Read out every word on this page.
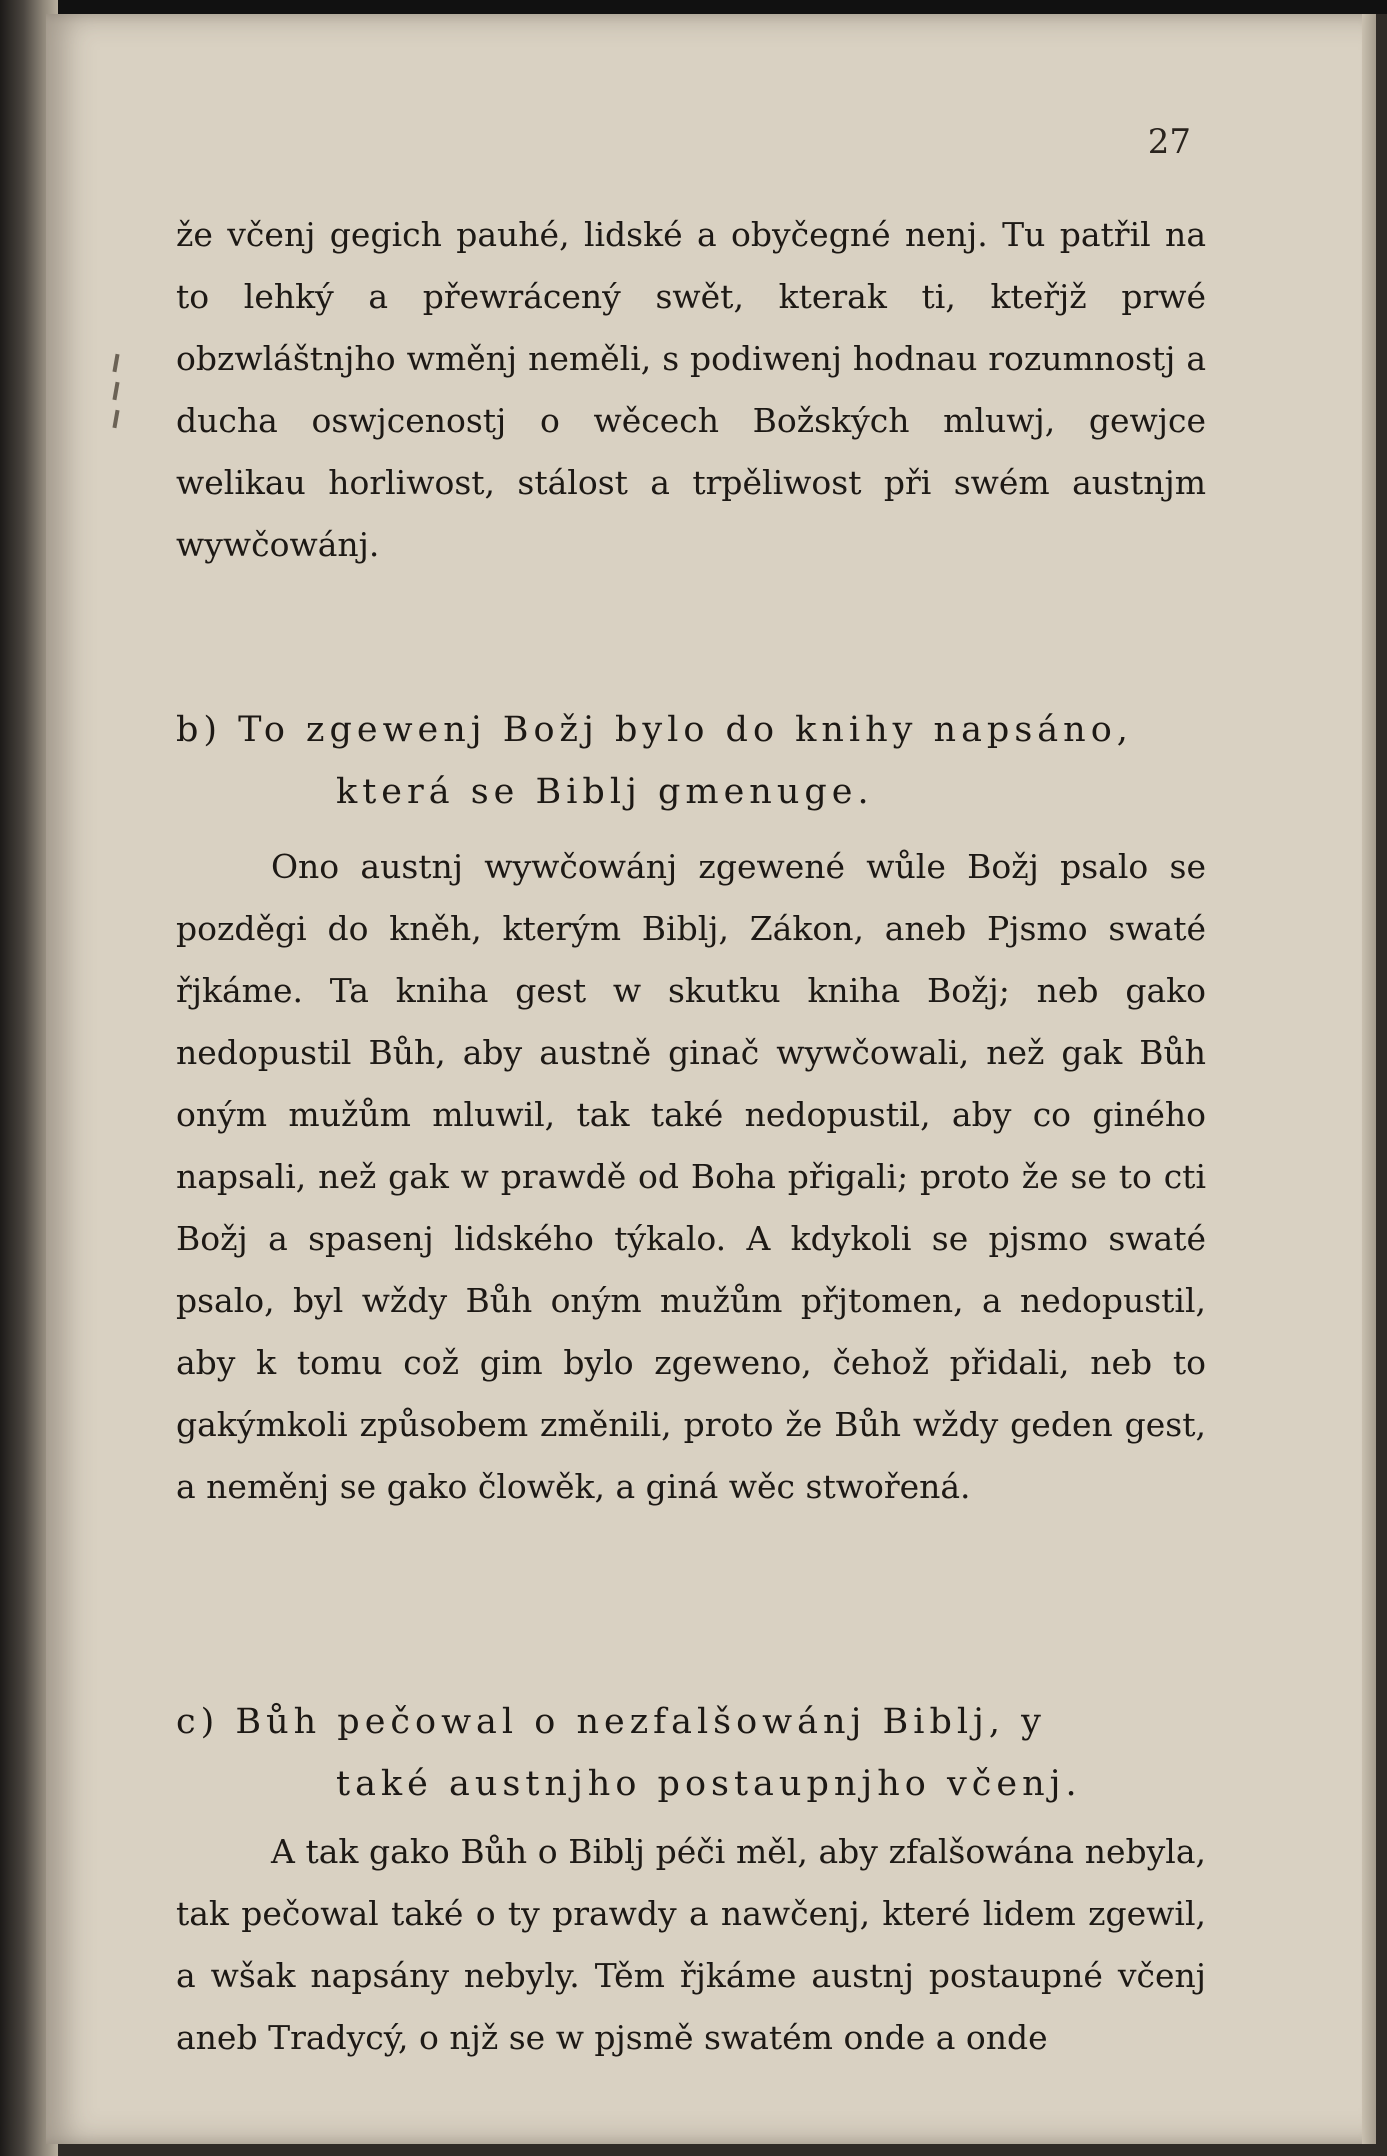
27

že včenj gegich pauhé, lidské a obyčegné nenj. Tu patřil na to lehký a přewrácený swět, kterak ti, kteřjž prwé obzwláštnjho wměnj neměli, s podiwenj hodnau rozumnostj a ducha oswjcenostj o wěcech Božských mluwj, gewjce welikau horliwost, stálost a trpěliwost při swém austnjm wywčowánj.

b) To zgewenj Božj bylo do knihy napsáno,
která se Biblj gmenuge.

Ono austnj wywčowánj zgewené wůle Božj psalo se pozděgi do kněh, kterým Biblj, Zákon, aneb Pjsmo swaté řjkáme. Ta kniha gest w skutku kniha Božj; neb gako nedopustil Bůh, aby austně ginač wywčowali, než gak Bůh oným mužům mluwil, tak také nedopustil, aby co giného napsali, než gak w prawdě od Boha přigali; proto že se to cti Božj a spasenj lidského týkalo. A kdykoli se pjsmo swaté psalo, byl wždy Bůh oným mužům přjtomen, a nedopustil, aby k tomu což gim bylo zgeweno, čehož přidali, neb to gakýmkoli způsobem změnili, proto že Bůh wždy geden gest, a neměnj se gako člowěk, a giná wěc stwořená.

c) Bůh pečowal o nezfalšowánj Biblj, y
také austnjho postaupnjho včenj.

A tak gako Bůh o Biblj péči měl, aby zfalšowána nebyla, tak pečowal také o ty prawdy a nawčenj, které lidem zgewil, a wšak napsány nebyly. Těm řjkáme austnj postaupné včenj aneb Tradycý, o njž se w pjsmě swatém onde a onde
